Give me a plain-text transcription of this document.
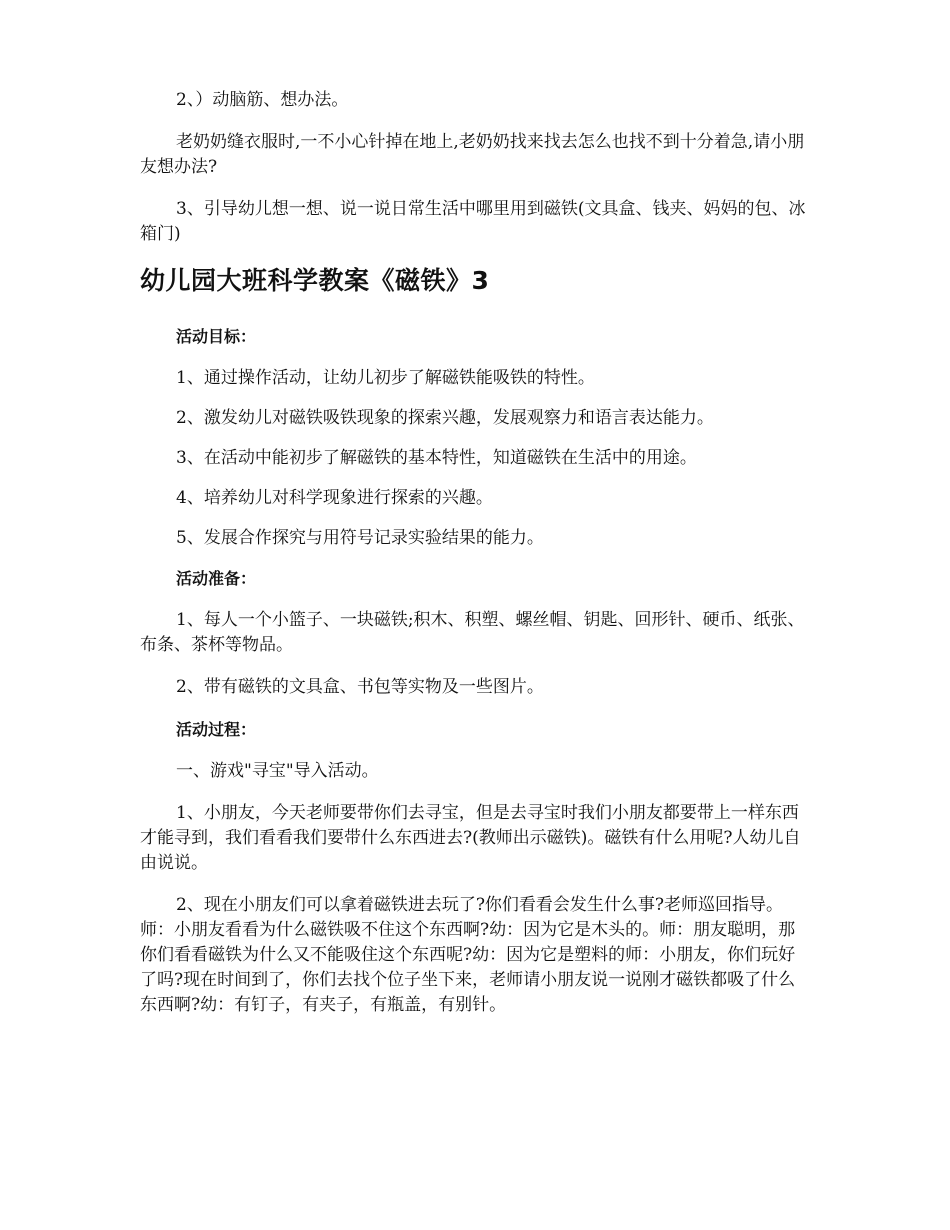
2、）动脑筋、想办法。

老奶奶缝衣服时,一不小心针掉在地上,老奶奶找来找去怎么也找不到十分着急,请小朋友想办法?

3、引导幼儿想一想、说一说日常生活中哪里用到磁铁(文具盒、钱夹、妈妈的包、冰箱门)

幼儿园大班科学教案《磁铁》3
活动目标：

1、通过操作活动，让幼儿初步了解磁铁能吸铁的特性。

2、激发幼儿对磁铁吸铁现象的探索兴趣，发展观察力和语言表达能力。

3、在活动中能初步了解磁铁的基本特性，知道磁铁在生活中的用途。

4、培养幼儿对科学现象进行探索的兴趣。

5、发展合作探究与用符号记录实验结果的能力。

活动准备：

1、每人一个小篮子、一块磁铁;积木、积塑、螺丝帽、钥匙、回形针、硬币、纸张、布条、茶杯等物品。

2、带有磁铁的文具盒、书包等实物及一些图片。

活动过程：

一、游戏"寻宝"导入活动。

1、小朋友，今天老师要带你们去寻宝，但是去寻宝时我们小朋友都要带上一样东西才能寻到，我们看看我们要带什么东西进去?(教师出示磁铁)。磁铁有什么用呢?人幼儿自由说说。

2、现在小朋友们可以拿着磁铁进去玩了?你们看看会发生什么事?老师巡回指导。师：小朋友看看为什么磁铁吸不住这个东西啊?幼：因为它是木头的。师：朋友聪明，那你们看看磁铁为什么又不能吸住这个东西呢?幼：因为它是塑料的师：小朋友，你们玩好了吗?现在时间到了，你们去找个位子坐下来，老师请小朋友说一说刚才磁铁都吸了什么东西啊?幼：有钉子，有夹子，有瓶盖，有别针。
